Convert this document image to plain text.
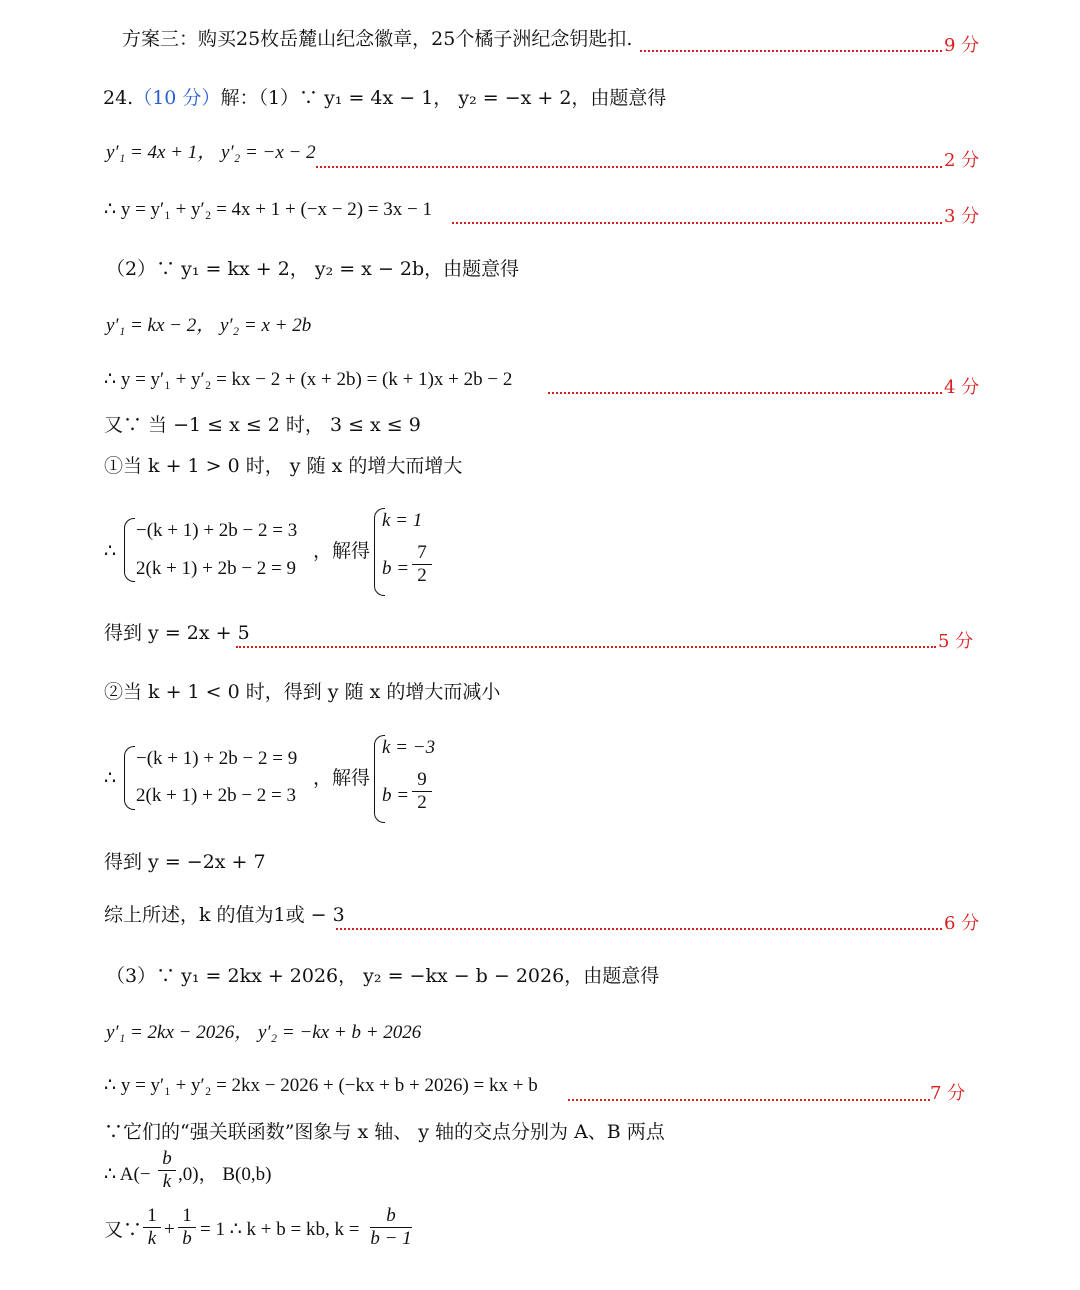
方案三：购买25枚岳麓山纪念徽章，25个橘子洲纪念钥匙扣.	9 分
24.（10 分）解：（1）∵ y₁ = 4x − 1， y₂ = −x + 2，由题意得
y′₁ = 4x + 1， y′₂ = −x − 2	2 分
∴ y = y′₁ + y′₂ = 4x + 1 + (−x − 2) = 3x − 1	3 分
（2）∵ y₁ = kx + 2， y₂ = x − 2b，由题意得
y′₁ = kx − 2， y′₂ = x + 2b
∴ y = y′₁ + y′₂ = kx − 2 + (x + 2b) = (k + 1)x + 2b − 2	4 分
又∵ 当 −1 ≤ x ≤ 2 时， 3 ≤ x ≤ 9
①当 k + 1 > 0 时， y 随 x 的增大而增大
∴
−(k + 1) + 2b − 2 = 3
2(k + 1) + 2b − 2 = 9
，解得
k = 1
b =
7
2
得到 y = 2x + 5	5 分
②当 k + 1 < 0 时，得到 y 随 x 的增大而减小
∴
−(k + 1) + 2b − 2 = 9
2(k + 1) + 2b − 2 = 3
，解得
k = −3
b =
9
2
得到 y = −2x + 7
综上所述，k 的值为1或 − 3	6 分
（3）∵ y₁ = 2kx + 2026， y₂ = −kx − b − 2026，由题意得
y′₁ = 2kx − 2026， y′₂ = −kx + b + 2026
∴ y = y′₁ + y′₂ = 2kx − 2026 + (−kx + b + 2026) = kx + b	7 分
∵它们的“强关联函数”图象与 x 轴、 y 轴的交点分别为 A、B 两点
∴ A(−
b
k ,0)， B(0,b)
又∵
1
k +
1
b = 1 ∴ k + b = kb, k =
b
b − 1
